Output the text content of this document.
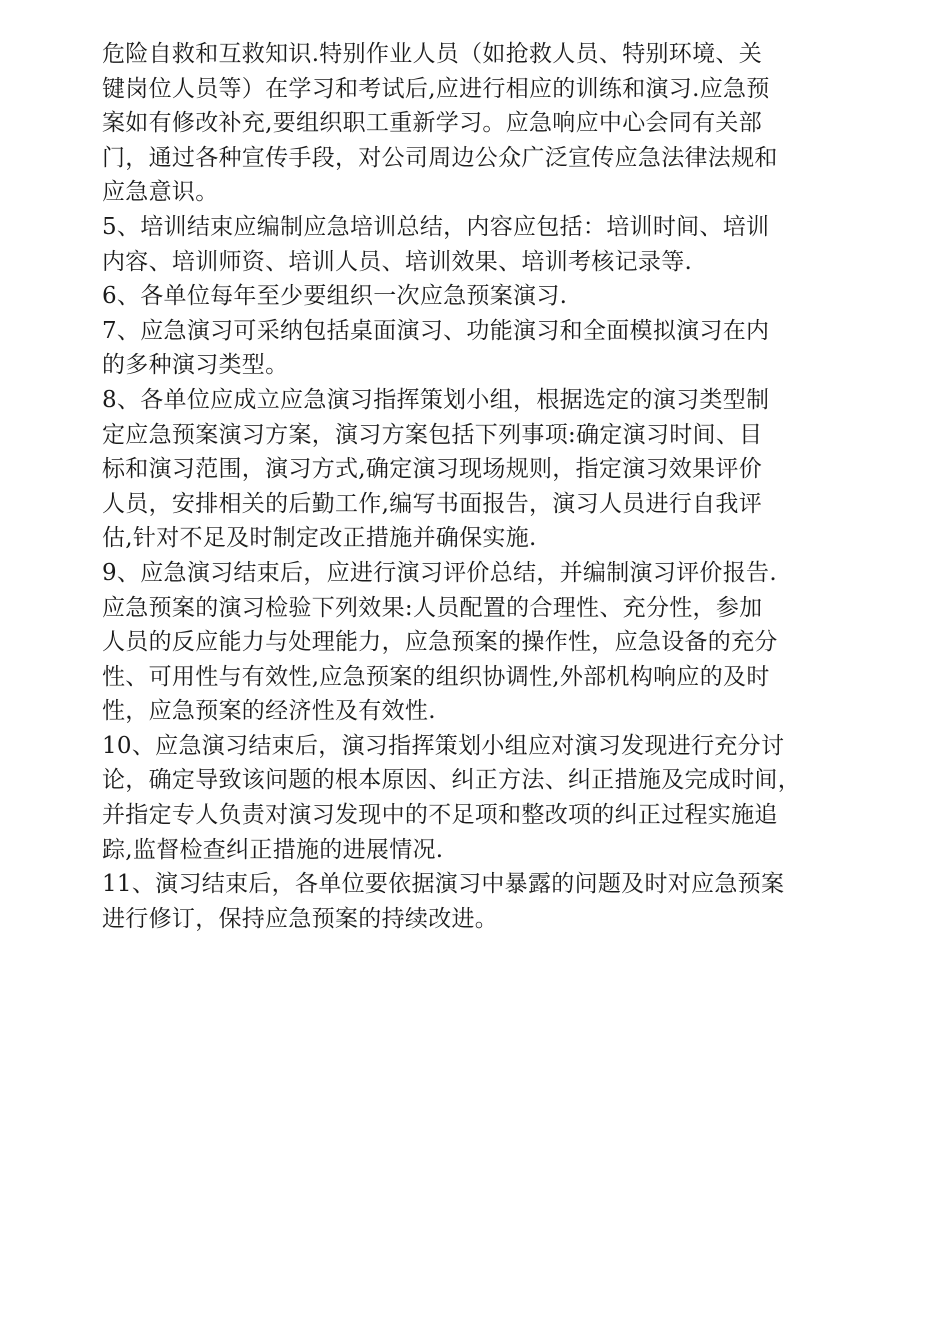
危险自救和互救知识.特别作业人员（如抢救人员、特别环境、关
键岗位人员等）在学习和考试后,应进行相应的训练和演习.应急预
案如有修改补充,要组织职工重新学习。应急响应中心会同有关部
门，通过各种宣传手段，对公司周边公众广泛宣传应急法律法规和
应急意识。
5、培训结束应编制应急培训总结，内容应包括：培训时间、培训
内容、培训师资、培训人员、培训效果、培训考核记录等.
6、各单位每年至少要组织一次应急预案演习.
7、应急演习可采纳包括桌面演习、功能演习和全面模拟演习在内
的多种演习类型。
8、各单位应成立应急演习指挥策划小组，根据选定的演习类型制
定应急预案演习方案，演习方案包括下列事项:确定演习时间、目
标和演习范围，演习方式,确定演习现场规则，指定演习效果评价
人员，安排相关的后勤工作,编写书面报告，演习人员进行自我评
估,针对不足及时制定改正措施并确保实施.
9、应急演习结束后，应进行演习评价总结，并编制演习评价报告.
应急预案的演习检验下列效果:人员配置的合理性、充分性，参加
人员的反应能力与处理能力，应急预案的操作性，应急设备的充分
性、可用性与有效性,应急预案的组织协调性,外部机构响应的及时
性，应急预案的经济性及有效性.
10、应急演习结束后，演习指挥策划小组应对演习发现进行充分讨
论，确定导致该问题的根本原因、纠正方法、纠正措施及完成时间，
并指定专人负责对演习发现中的不足项和整改项的纠正过程实施追
踪,监督检查纠正措施的进展情况.
11、演习结束后，各单位要依据演习中暴露的问题及时对应急预案
进行修订，保持应急预案的持续改进。
